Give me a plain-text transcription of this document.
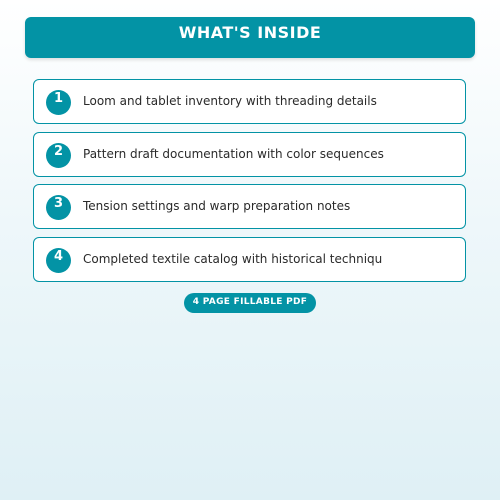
WHAT'S INSIDE
1	Loom and tablet inventory with threading details
2	Pattern draft documentation with color sequences
3	Tension settings and warp preparation notes
4	Completed textile catalog with historical techniqu
4 PAGE FILLABLE PDF
